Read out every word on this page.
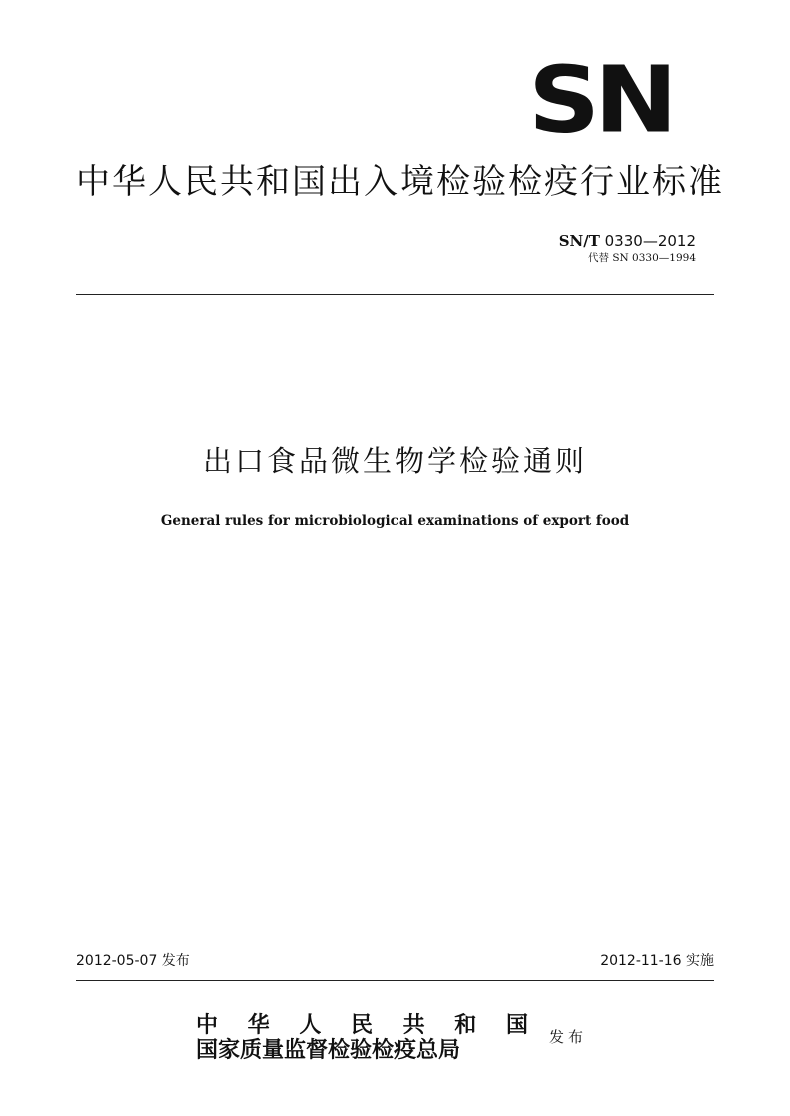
SN
中华人民共和国出入境检验检疫行业标准
SN/T 0330—2012
代替 SN 0330—1994
出口食品微生物学检验通则
General rules for microbiological examinations of export food
2012-05-07 发布	2012-11-16 实施
中 华 人 民 共 和 国
国家质量监督检验检疫总局	发布
